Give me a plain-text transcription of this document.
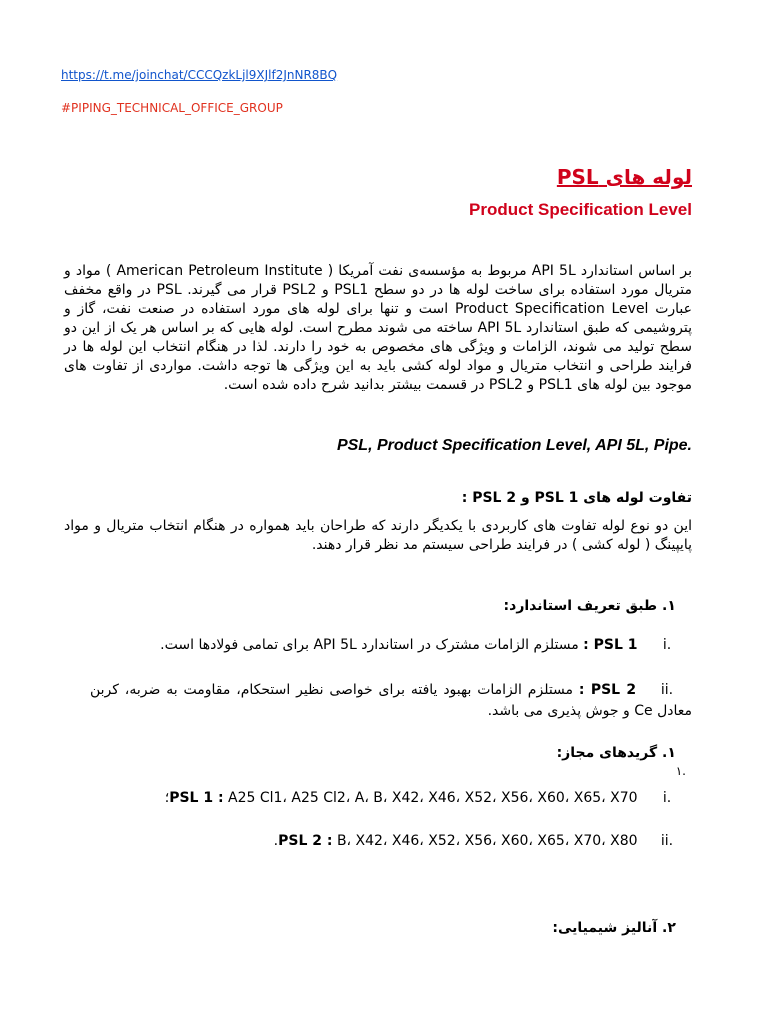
https://t.me/joinchat/CCCQzkLjl9XJlf2JnNR8BQ
#PIPING_TECHNICAL_OFFICE_GROUP
لوله های PSL
Product Specification Level
بر اساس استاندارد API 5L مربوط به مؤسسه‌ی نفت آمریکا ( American Petroleum Institute ) مواد و متریال مورد استفاده برای ساخت لوله ها در دو سطح PSL1 و PSL2 قرار می گیرند. PSL در واقع مخفف عبارت Product Specification Level است و تنها برای لوله های مورد استفاده در صنعت نفت، گاز و پتروشیمی که طبق استاندارد API 5L ساخته می شوند مطرح است. لوله هایی که بر اساس هر یک از این دو سطح تولید می شوند، الزامات و ویژگی های مخصوص به خود را دارند. لذا در هنگام انتخاب این لوله ها در فرایند طراحی و انتخاب متریال و مواد لوله کشی باید به این ویژگی ها توجه داشت. مواردی از تفاوت های موجود بین لوله های PSL1 و PSL2 در قسمت بیشتر بدانید شرح داده شده است.
PSL, Product Specification Level, API 5L, Pipe.
تفاوت لوله های PSL 1 و PSL 2 :
این دو نوع لوله تفاوت های کاربردی با یکدیگر دارند که طراحان باید همواره در هنگام انتخاب متریال و مواد پایپینگ ( لوله کشی ) در فرایند طراحی سیستم مد نظر قرار دهند.
۱. طبق تعریف استاندارد:
i. PSL 1 : مستلزم الزامات مشترک در استاندارد API 5L برای تمامی فولادها است.
ii. PSL 2 : مستلزم الزامات بهبود یافته برای خواصی نظیر استحکام، مقاومت به ضربه، کربن معادل Ce و جوش پذیری می باشد.
۱. گریدهای مجاز:
۱.
i. PSL 1 : A25 Cl1، A25 Cl2، A، B، X42، X46، X52، X56، X60، X65، X70؛
ii. PSL 2 : B، X42، X46، X52، X56، X60، X65، X70، X80.
۲. آنالیز شیمیایی:
